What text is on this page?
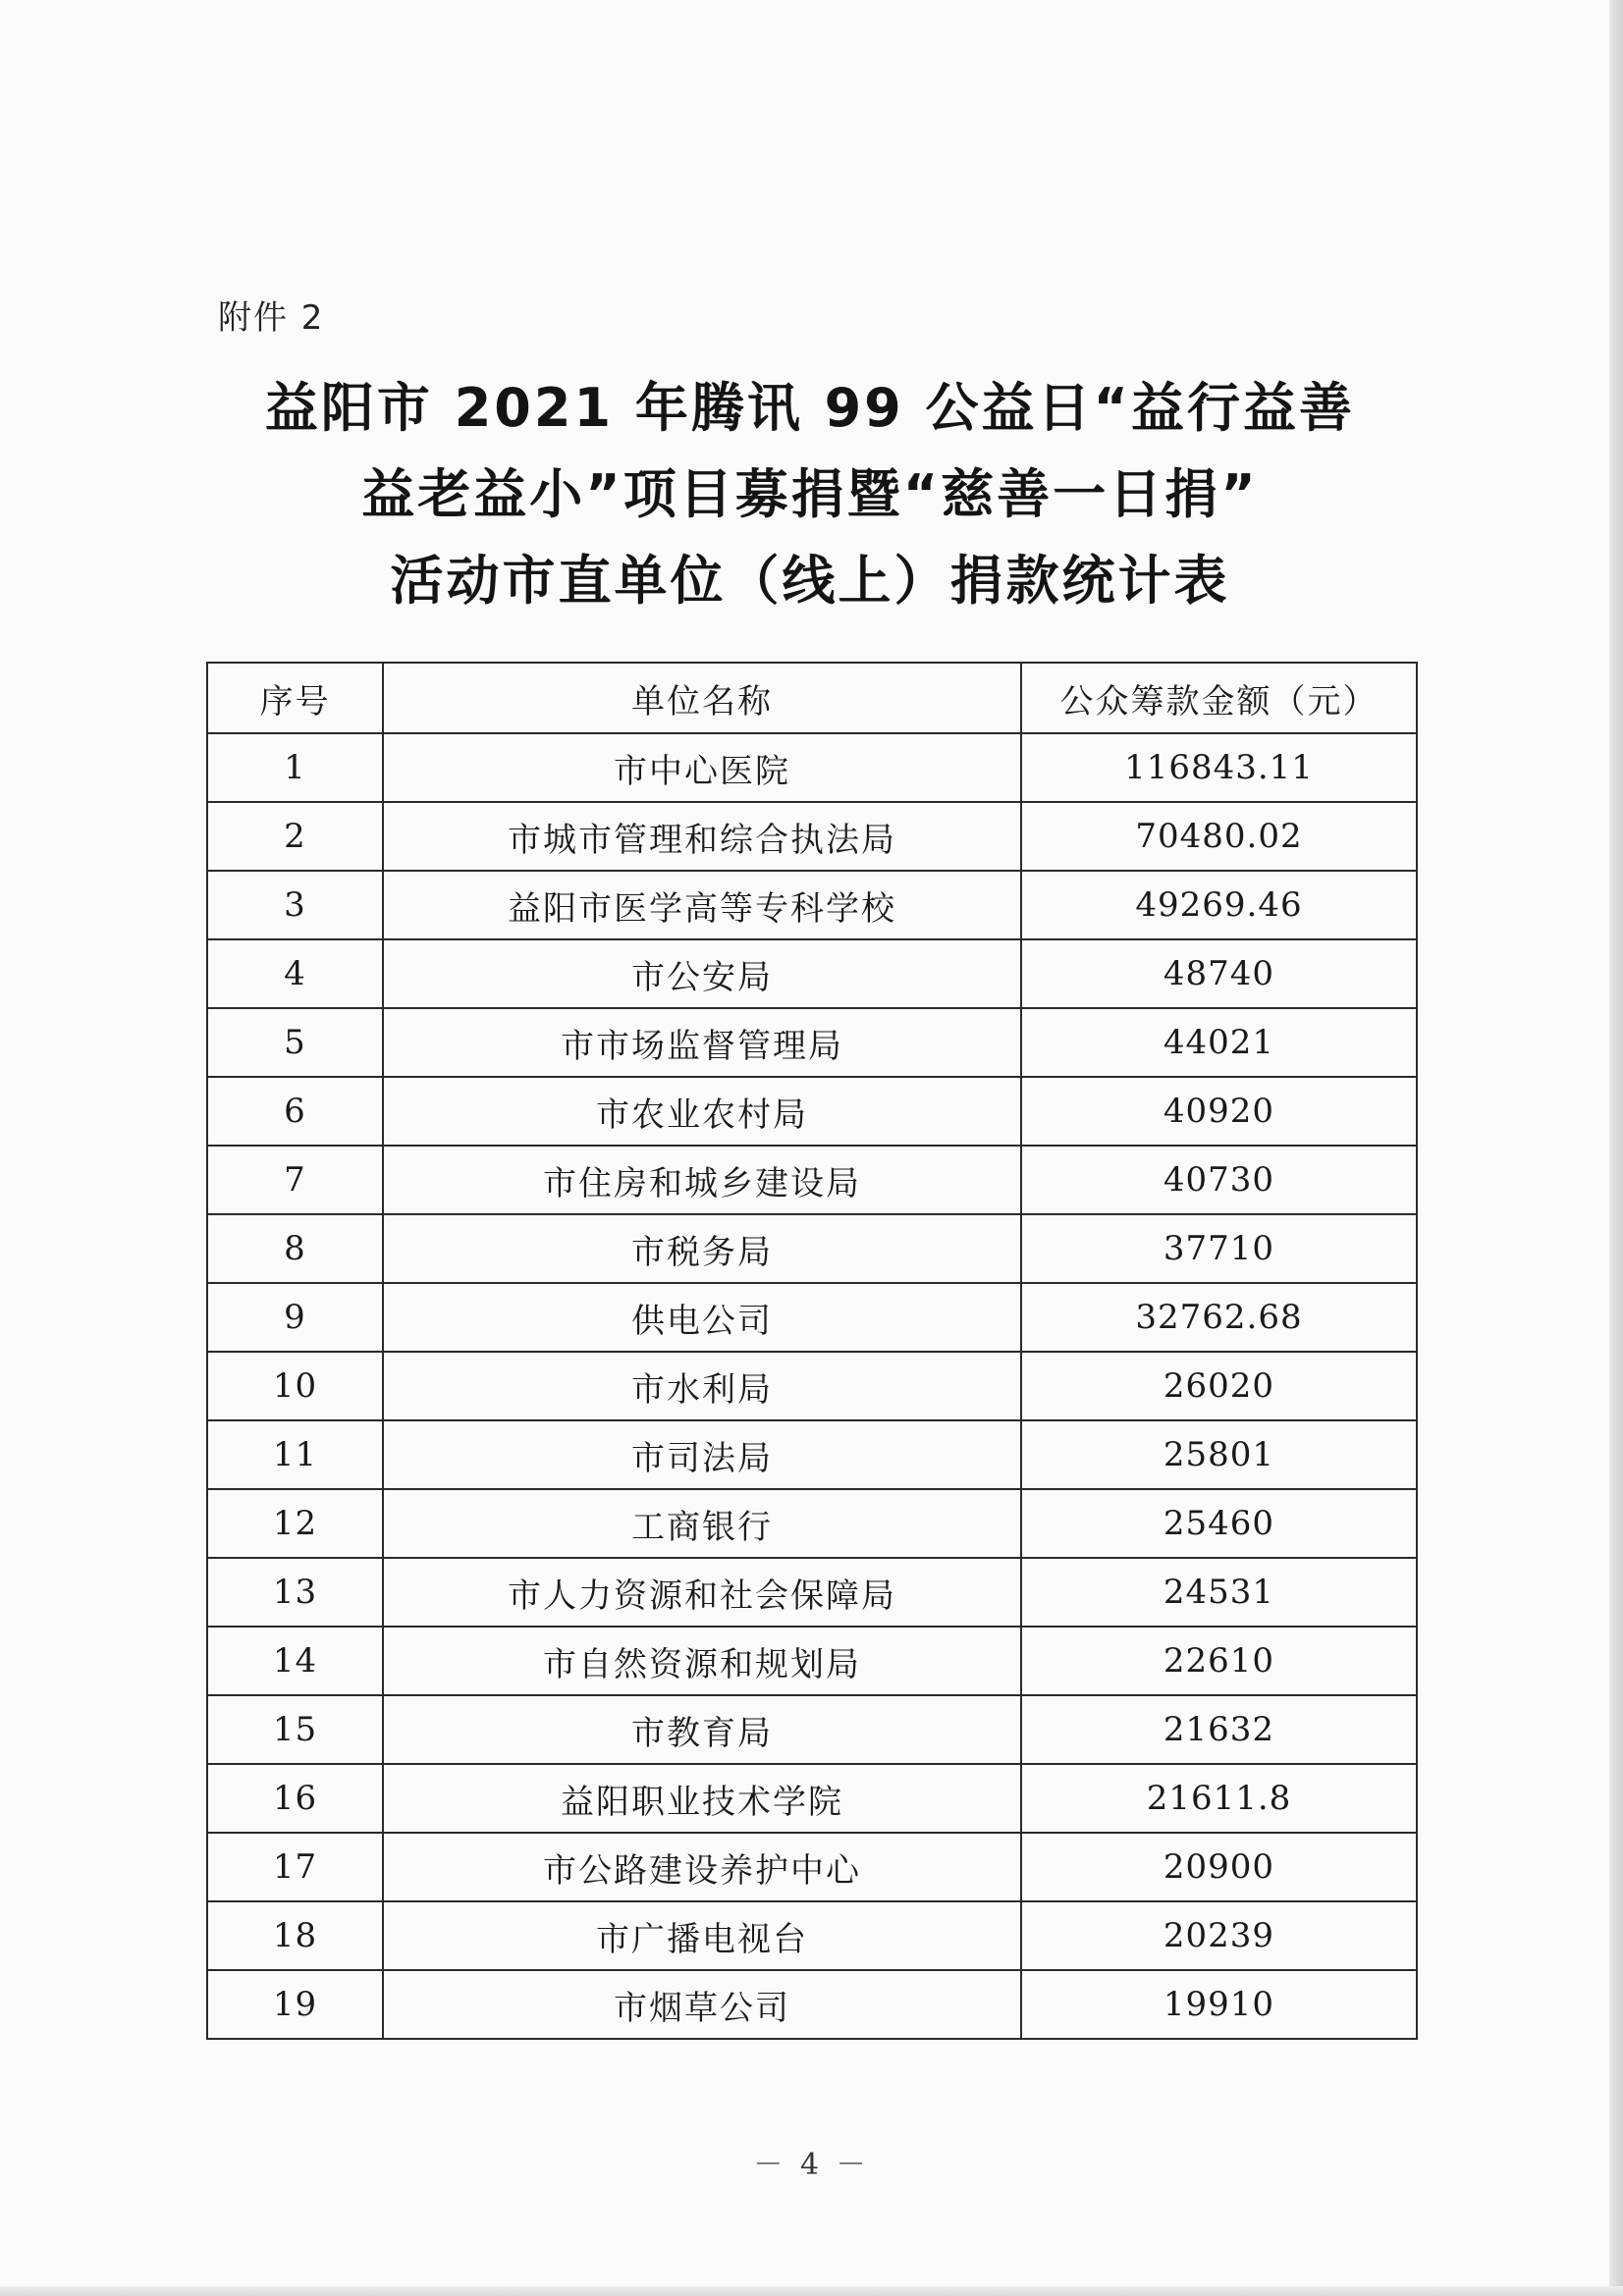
附件 2
益阳市 2021 年腾讯 99 公益日“益行益善
益老益小”项目募捐暨“慈善一日捐”
活动市直单位（线上）捐款统计表
序号	单位名称	公众筹款金额（元）
1	市中心医院	116843.11
2	市城市管理和综合执法局	70480.02
3	益阳市医学高等专科学校	49269.46
4	市公安局	48740
5	市市场监督管理局	44021
6	市农业农村局	40920
7	市住房和城乡建设局	40730
8	市税务局	37710
9	供电公司	32762.68
10	市水利局	26020
11	市司法局	25801
12	工商银行	25460
13	市人力资源和社会保障局	24531
14	市自然资源和规划局	22610
15	市教育局	21632
16	益阳职业技术学院	21611.8
17	市公路建设养护中心	20900
18	市广播电视台	20239
19	市烟草公司	19910
－ 4 －
